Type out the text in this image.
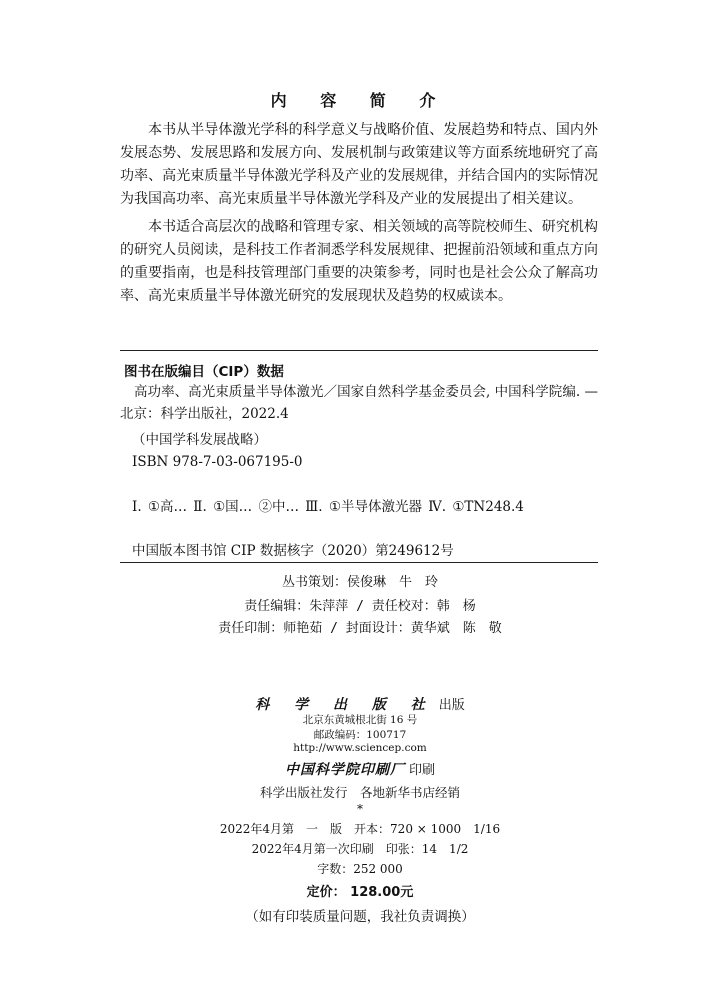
内 容 简 介
本书从半导体激光学科的科学意义与战略价值、发展趋势和特点、国内外发展态势、发展思路和发展方向、发展机制与政策建议等方面系统地研究了高功率、高光束质量半导体激光学科及产业的发展规律，并结合国内的实际情况为我国高功率、高光束质量半导体激光学科及产业的发展提出了相关建议。
本书适合高层次的战略和管理专家、相关领域的高等院校师生、研究机构的研究人员阅读，是科技工作者洞悉学科发展规律、把握前沿领域和重点方向的重要指南，也是科技管理部门重要的决策参考，同时也是社会公众了解高功率、高光束质量半导体激光研究的发展现状及趋势的权威读本。
图书在版编目（CIP）数据
高功率、高光束质量半导体激光／国家自然科学基金委员会, 中国科学院编. —北京：科学出版社，2022.4
（中国学科发展战略）
ISBN 978-7-03-067195-0
Ⅰ. ①高… Ⅱ. ①国… ②中… Ⅲ. ①半导体激光器 Ⅳ. ①TN248.4
中国版本图书馆 CIP 数据核字（2020）第249612号
丛书策划：侯俊琳　牛　玲
责任编辑：朱萍萍 / 责任校对：韩　杨
责任印制：师艳茹 / 封面设计：黄华斌　陈　敬
科 学 出 版 社 出版
北京东黄城根北街 16 号
邮政编码：100717
http://www.sciencep.com
中国科学院印刷厂 印刷
科学出版社发行　各地新华书店经销
*
2022年4月第　一　版　开本：720 × 1000　1/16
2022年4月第一次印刷　印张：14　1/2
字数：252 000
定价： 128.00元
（如有印装质量问题，我社负责调换）
